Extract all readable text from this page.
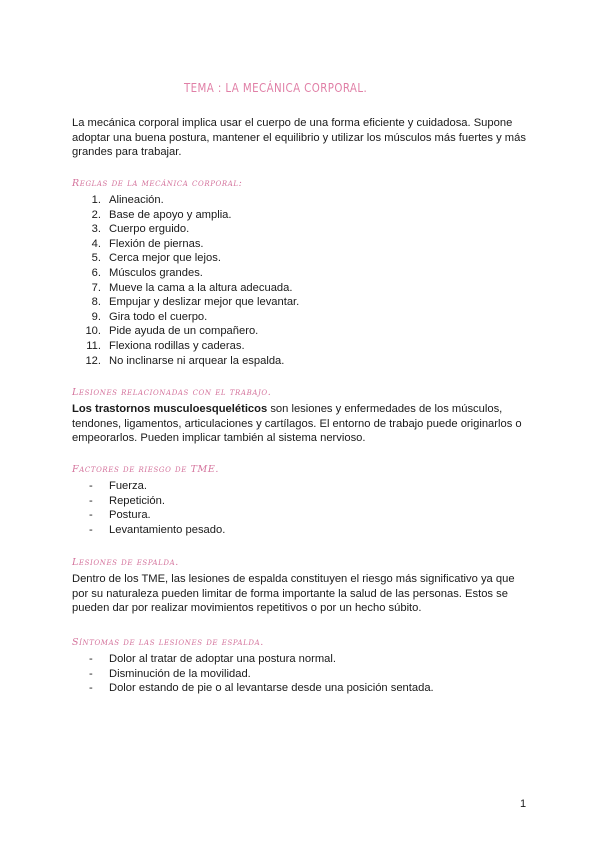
TEMA : LA MECÁNICA CORPORAL.
La mecánica corporal implica usar el cuerpo de una forma eficiente y cuidadosa. Supone adoptar una buena postura, mantener el equilibrio y utilizar los músculos más fuertes y más grandes para trabajar.
Reglas de la mecánica corporal:
1. Alineación.
2. Base de apoyo y amplia.
3. Cuerpo erguido.
4. Flexión de piernas.
5. Cerca mejor que lejos.
6. Músculos grandes.
7. Mueve la cama a la altura adecuada.
8. Empujar y deslizar mejor que levantar.
9. Gira todo el cuerpo.
10. Pide ayuda de un compañero.
11. Flexiona rodillas y caderas.
12. No inclinarse ni arquear la espalda.
Lesiones relacionadas con el trabajo.
Los trastornos musculoesqueléticos son lesiones y enfermedades de los músculos, tendones, ligamentos, articulaciones y cartílagos. El entorno de trabajo puede originarlos o empeorarlos. Pueden implicar también al sistema nervioso.
Factores de riesgo de TME.
-	Fuerza.
-	Repetición.
-	Postura.
-	Levantamiento pesado.
Lesiones de espalda.
Dentro de los TME, las lesiones de espalda constituyen el riesgo más significativo ya que por su naturaleza pueden limitar de forma importante la salud de las personas. Estos se pueden dar por realizar movimientos repetitivos o por un hecho súbito.
Síntomas de las lesiones de espalda.
-	Dolor al tratar de adoptar una postura normal.
-	Disminución de la movilidad.
-	Dolor estando de pie o al levantarse desde una posición sentada.
1
